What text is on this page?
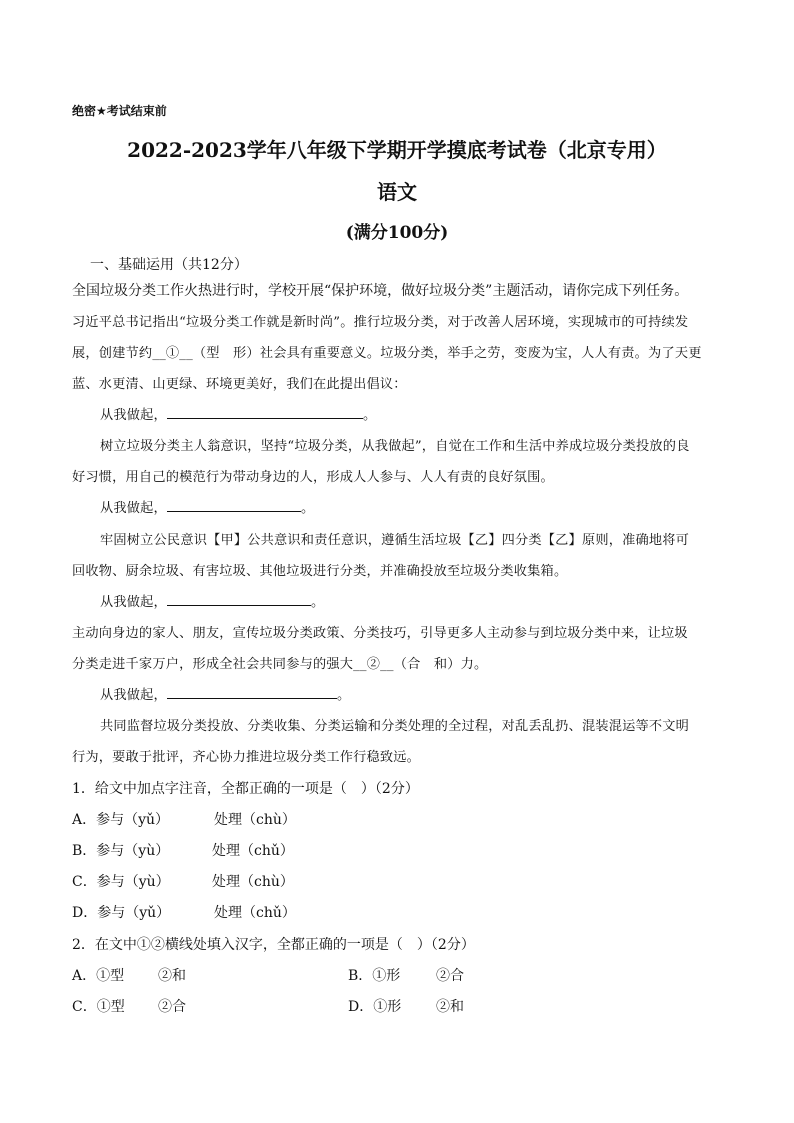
绝密★考试结束前
2022-2023学年八年级下学期开学摸底考试卷（北京专用）
语文
(满分100分)
一、基础运用（共12分）
全国垃圾分类工作火热进行时，学校开展“保护环境，做好垃圾分类”主题活动，请你完成下列任务。
习近平总书记指出“垃圾分类工作就是新时尚”。推行垃圾分类，对于改善人居环境，实现城市的可持续发
展，创建节约__①__（型　形）社会具有重要意义。垃圾分类，举手之劳，变废为宝，人人有责。为了天更
蓝、水更清、山更绿、环境更美好，我们在此提出倡议：
从我做起，	。
树立垃圾分类主人翁意识，坚持“垃圾分类，从我做起”，自觉在工作和生活中养成垃圾分类投放的良
好习惯，用自己的模范行为带动身边的人，形成人人参与、人人有责的良好氛围。
从我做起，	。
牢固树立公民意识【甲】公共意识和责任意识，遵循生活垃圾【乙】四分类【乙】原则，准确地将可
回收物、厨余垃圾、有害垃圾、其他垃圾进行分类，并准确投放至垃圾分类收集箱。
从我做起，	。
主动向身边的家人、朋友，宣传垃圾分类政策、分类技巧，引导更多人主动参与到垃圾分类中来，让垃圾
分类走进千家万户，形成全社会共同参与的强大__②__（合　和）力。
从我做起，	。
共同监督垃圾分类投放、分类收集、分类运输和分类处理的全过程，对乱丢乱扔、混装混运等不文明
行为，要敢于批评，齐心协力推进垃圾分类工作行稳致远。
1．给文中加点字注音，全都正确的一项是（　）（2分）
A．参与（yǔ）	处理（chù）
B．参与（yù）	处理（chǔ）
C．参与（yù）	处理（chù）
D．参与（yǔ）	处理（chǔ）
2．在文中①②横线处填入汉字，全都正确的一项是（　）（2分）
A．①型 ②和	B．①形	②合
C．①型 ②合	D．①形 ②和
